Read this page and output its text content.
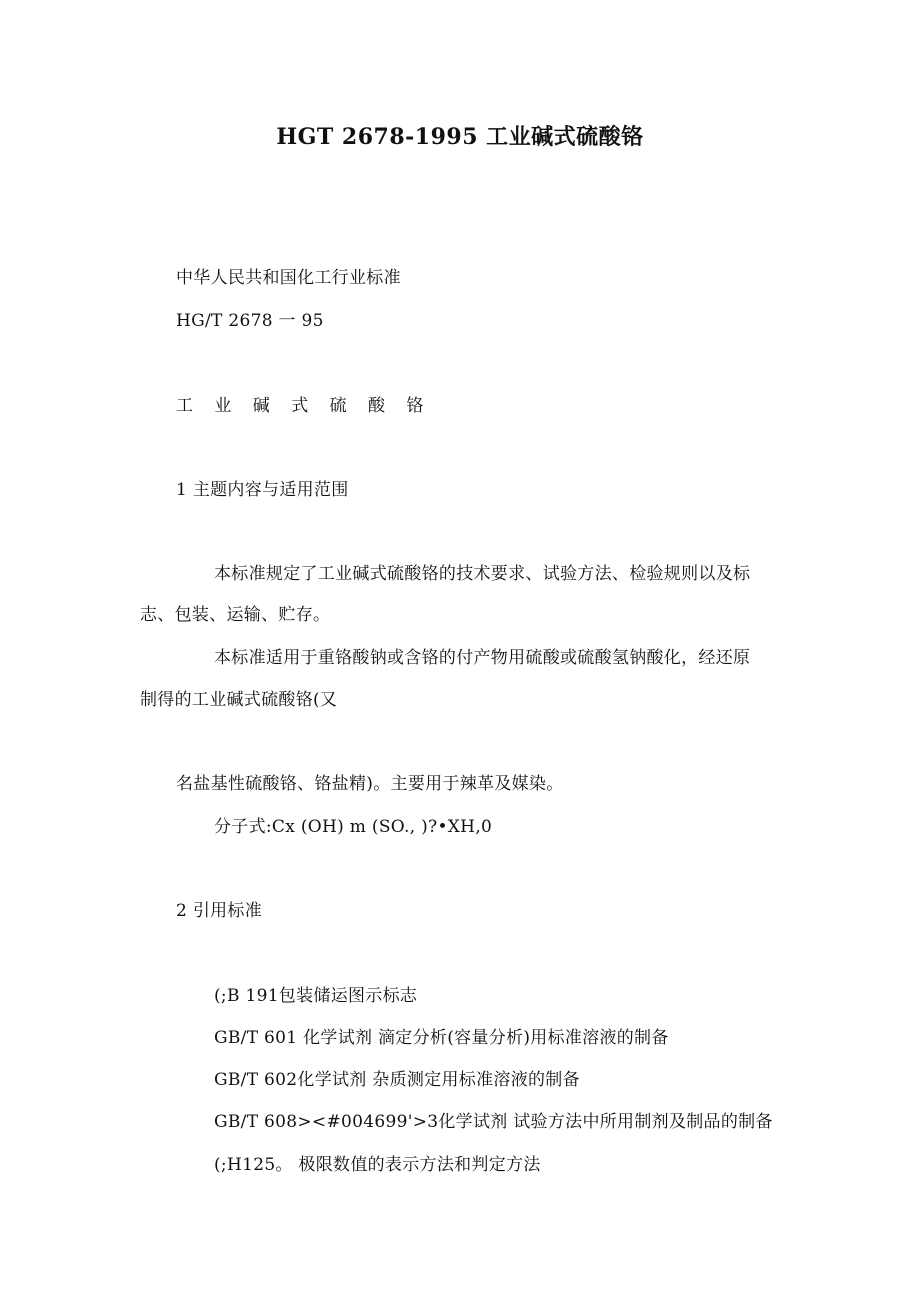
HGT 2678-1995 工业碱式硫酸铬
中华人民共和国化工行业标准
HG/T 2678 一 95
工 业 碱 式 硫 酸 铬
1 主题内容与适用范围
本标准规定了工业碱式硫酸铬的技术要求、试验方法、检验规则以及标
志、包装、运输、贮存。
本标准适用于重铬酸钠或含铬的付产物用硫酸或硫酸氢钠酸化，经还原
制得的工业碱式硫酸铬(又
名盐基性硫酸铬、铬盐精)。主要用于辣革及媒染。
分子式:Cx (OH) m (SO., )?•XH,0
2 引用标准
(;B 191包装储运图示标志
GB/T 601 化学试剂 滴定分析(容量分析)用标准溶液的制备
GB/T 602化学试剂 杂质测定用标准溶液的制备
GB/T 608><#004699'>3化学试剂 试验方法中所用制剂及制品的制备
(;H125。 极限数值的表示方法和判定方法
